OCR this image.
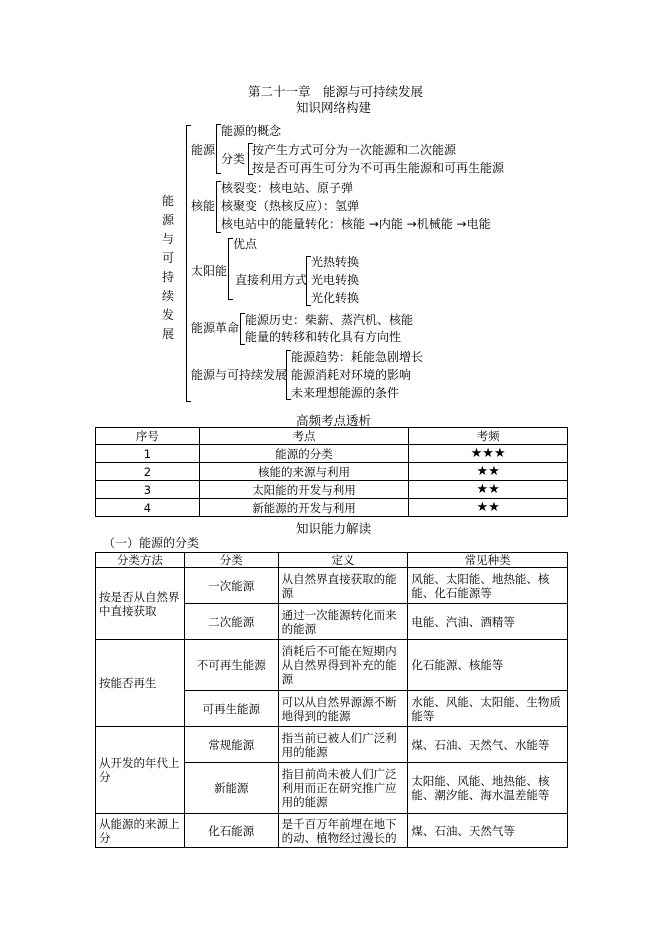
第二十一章　能源与可持续发展
知识网络构建
能
源
与
可
持
续
发
展
能源
能源的概念
分类
按产生方式可分为一次能源和二次能源
按是否可再生可分为不可再生能源和可再生能源
核能
核裂变：核电站、原子弹
核聚变（热核反应）：氢弹
核电站中的能量转化：核能 →内能 →机械能 →电能
太阳能
优点
直接利用方式
光热转换
光电转换
光化转换
能源革命
能源历史：柴薪、蒸汽机、核能
能量的转移和转化具有方向性
能源与可持续发展
能源趋势：耗能急剧增长
能源消耗对环境的影响
未来理想能源的条件
高频考点透析
序号	考点	考频
1	能源的分类	★★★
2	核能的来源与利用	★★
3	太阳能的开发与利用	★★
4	新能源的开发与利用	★★
知识能力解读
（一）能源的分类
分类方法	分类	定义	常见种类
按是否从自然界中直接获取	一次能源	从自然界直接获取的能源	风能、太阳能、地热能、核能、化石能源等
	二次能源	通过一次能源转化而来的能源	电能、汽油、酒精等
按能否再生	不可再生能源	消耗后不可能在短期内从自然界得到补充的能源	化石能源、核能等
	可再生能源	可以从自然界源源不断地得到的能源	水能、风能、太阳能、生物质能等
从开发的年代上分	常规能源	指当前已被人们广泛利用的能源	煤、石油、天然气、水能等
	新能源	指目前尚未被人们广泛利用而正在研究推广应用的能源	太阳能、风能、地热能、核能、潮汐能、海水温差能等
从能源的来源上分	化石能源	是千百万年前埋在地下的动、植物经过漫长的	煤、石油、天然气等
